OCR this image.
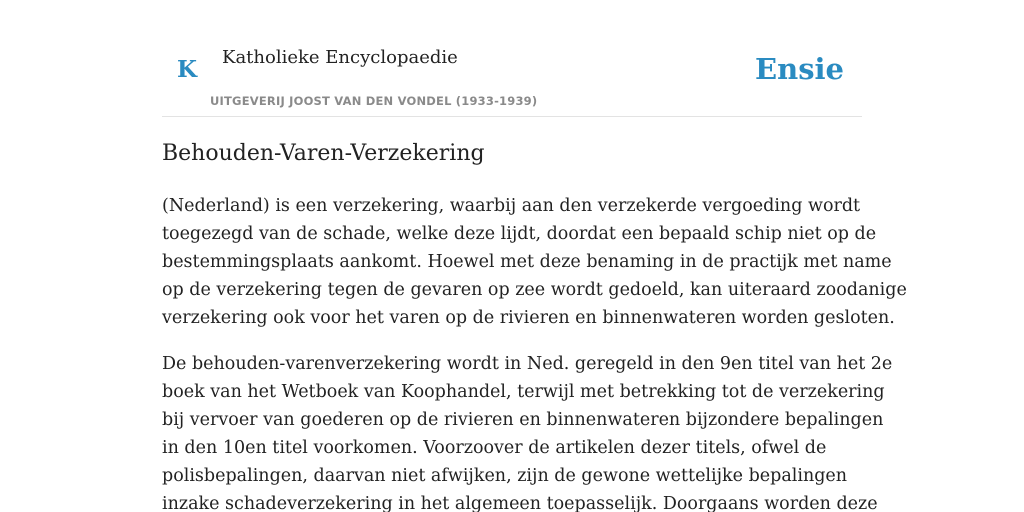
K Katholieke Encyclopaedie
UITGEVERIJ JOOST VAN DEN VONDEL (1933-1939)
Ensie
Behouden-Varen-Verzekering

(Nederland) is een verzekering, waarbij aan den verzekerde vergoeding wordt
toegezegd van de schade, welke deze lijdt, doordat een bepaald schip niet op de
bestemmingsplaats aankomt. Hoewel met deze benaming in de practijk met name
op de verzekering tegen de gevaren op zee wordt gedoeld, kan uiteraard zoodanige
verzekering ook voor het varen op de rivieren en binnenwateren worden gesloten.

De behouden-varenverzekering wordt in Ned. geregeld in den 9en titel van het 2e
boek van het Wetboek van Koophandel, terwijl met betrekking tot de verzekering
bij vervoer van goederen op de rivieren en binnenwateren bijzondere bepalingen
in den 10en titel voorkomen. Voorzoover de artikelen dezer titels, ofwel de
polisbepalingen, daarvan niet afwijken, zijn de gewone wettelijke bepalingen
inzake schadeverzekering in het algemeen toepasselijk. Doorgaans worden deze
